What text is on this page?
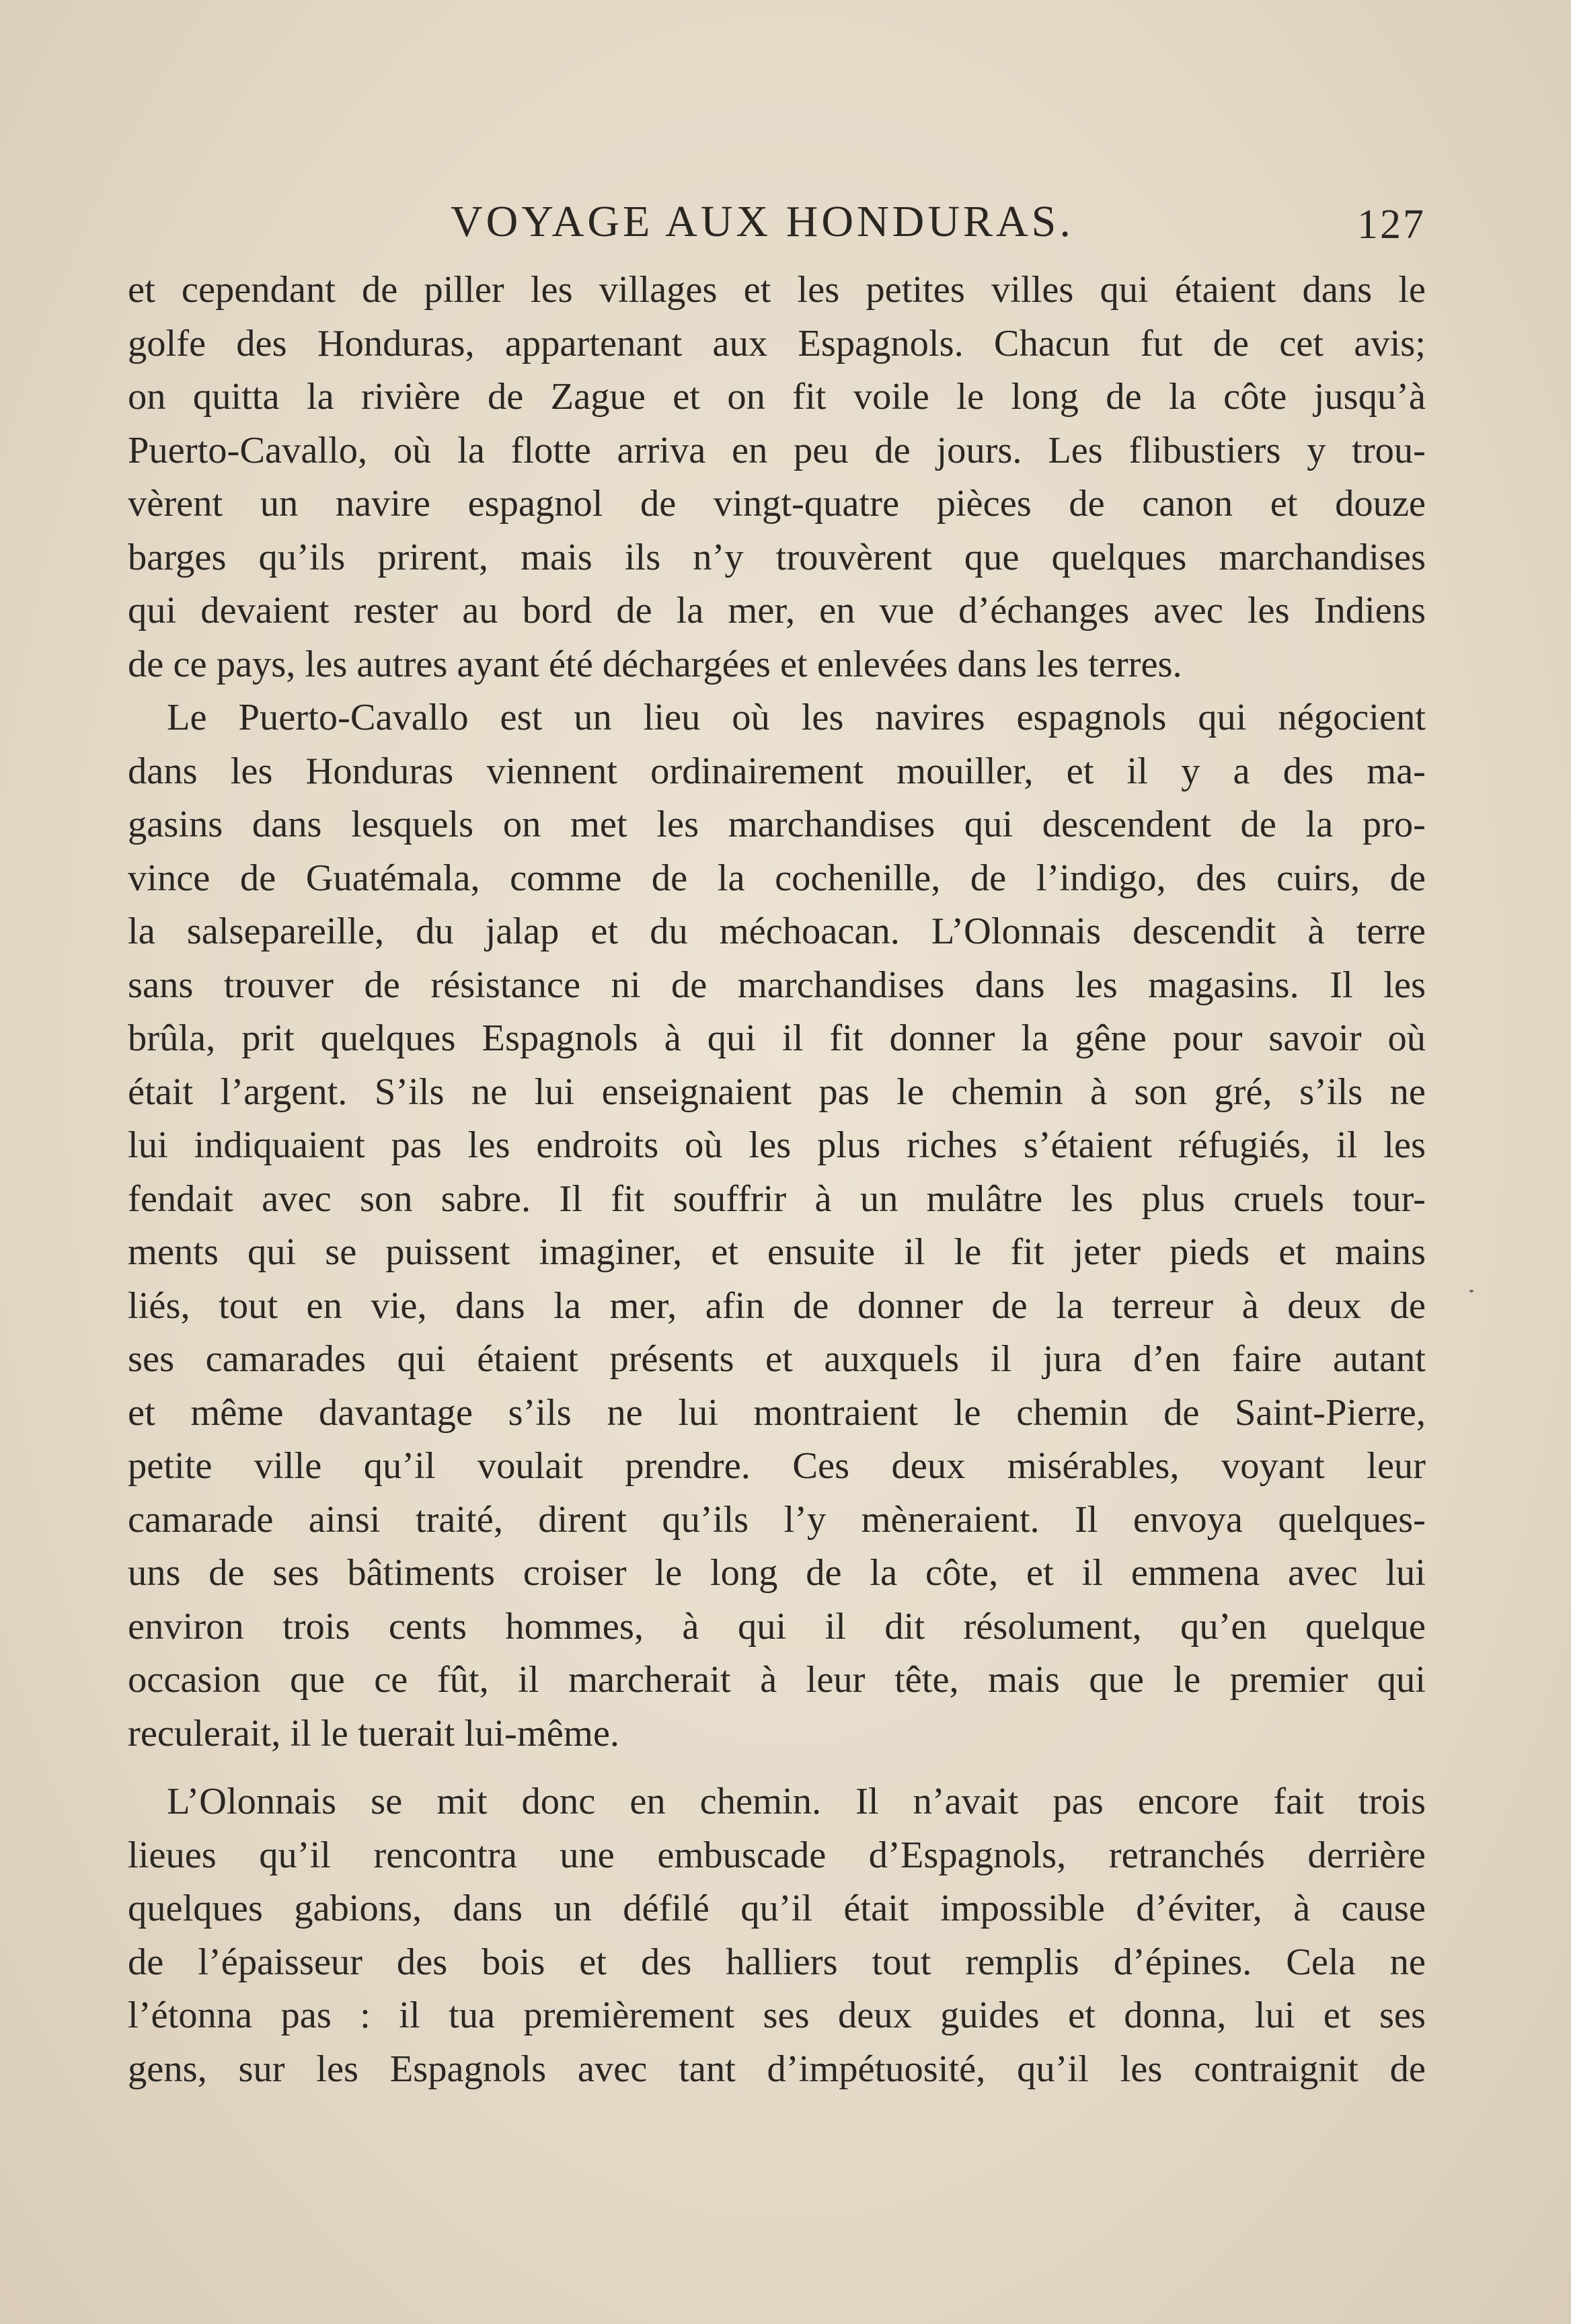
VOYAGE AUX HONDURAS.	127
et cependant de piller les villages et les petites villes qui étaient dans le
golfe des Honduras, appartenant aux Espagnols. Chacun fut de cet avis;
on quitta la rivière de Zague et on fit voile le long de la côte jusqu’à
Puerto-Cavallo, où la flotte arriva en peu de jours. Les flibustiers y trou-
vèrent un navire espagnol de vingt-quatre pièces de canon et douze
barges qu’ils prirent, mais ils n’y trouvèrent que quelques marchandises
qui devaient rester au bord de la mer, en vue d’échanges avec les Indiens
de ce pays, les autres ayant été déchargées et enlevées dans les terres.
Le Puerto-Cavallo est un lieu où les navires espagnols qui négocient
dans les Honduras viennent ordinairement mouiller, et il y a des ma-
gasins dans lesquels on met les marchandises qui descendent de la pro-
vince de Guatémala, comme de la cochenille, de l’indigo, des cuirs, de
la salsepareille, du jalap et du méchoacan. L’Olonnais descendit à terre
sans trouver de résistance ni de marchandises dans les magasins. Il les
brûla, prit quelques Espagnols à qui il fit donner la gêne pour savoir où
était l’argent. S’ils ne lui enseignaient pas le chemin à son gré, s’ils ne
lui indiquaient pas les endroits où les plus riches s’étaient réfugiés, il les
fendait avec son sabre. Il fit souffrir à un mulâtre les plus cruels tour-
ments qui se puissent imaginer, et ensuite il le fit jeter pieds et mains
liés, tout en vie, dans la mer, afin de donner de la terreur à deux de
ses camarades qui étaient présents et auxquels il jura d’en faire autant
et même davantage s’ils ne lui montraient le chemin de Saint-Pierre,
petite ville qu’il voulait prendre. Ces deux misérables, voyant leur
camarade ainsi traité, dirent qu’ils l’y mèneraient. Il envoya quelques-
uns de ses bâtiments croiser le long de la côte, et il emmena avec lui
environ trois cents hommes, à qui il dit résolument, qu’en quelque
occasion que ce fût, il marcherait à leur tête, mais que le premier qui
reculerait, il le tuerait lui-même.
L’Olonnais se mit donc en chemin. Il n’avait pas encore fait trois
lieues qu’il rencontra une embuscade d’Espagnols, retranchés derrière
quelques gabions, dans un défilé qu’il était impossible d’éviter, à cause
de l’épaisseur des bois et des halliers tout remplis d’épines. Cela ne
l’étonna pas : il tua premièrement ses deux guides et donna, lui et ses
gens, sur les Espagnols avec tant d’impétuosité, qu’il les contraignit de
